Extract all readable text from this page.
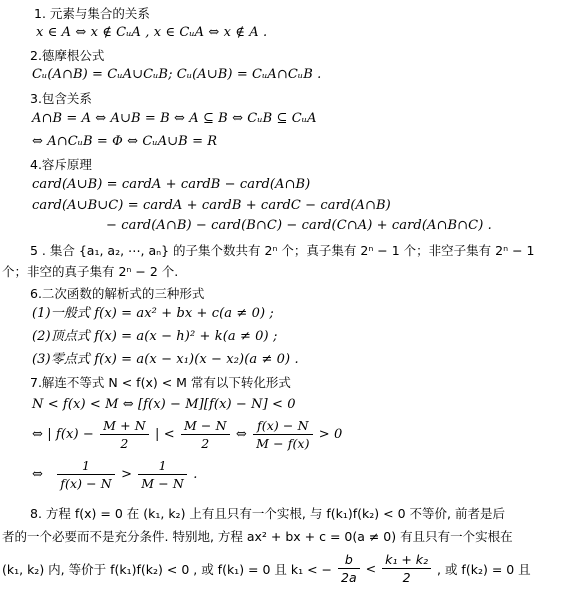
1. 元素与集合的关系
x ∈ A ⇔ x ∉ CᵤA , x ∈ CᵤA ⇔ x ∉ A .
2.德摩根公式
Cᵤ(A∩B) = CᵤA∪CᵤB; Cᵤ(A∪B) = CᵤA∩CᵤB .
3.包含关系
A∩B = A ⇔ A∪B = B ⇔ A ⊆ B ⇔ CᵤB ⊆ CᵤA
⇔ A∩CᵤB = Φ ⇔ CᵤA∪B = R
4.容斥原理
card(A∪B) = cardA + cardB − card(A∩B)
card(A∪B∪C) = cardA + cardB + cardC − card(A∩B)
− card(A∩B) − card(B∩C) − card(C∩A) + card(A∩B∩C) .
5 . 集合 {a₁, a₂, ⋯, aₙ} 的子集个数共有 2ⁿ 个；真子集有 2ⁿ − 1 个；非空子集有 2ⁿ − 1
个；非空的真子集有 2ⁿ − 2 个.
6.二次函数的解析式的三种形式
(1)一般式 f(x) = ax² + bx + c(a ≠ 0) ;
(2)顶点式 f(x) = a(x − h)² + k(a ≠ 0) ;
(3)零点式 f(x) = a(x − x₁)(x − x₂)(a ≠ 0) .
7.解连不等式 N < f(x) < M 常有以下转化形式
N < f(x) < M ⇔ [f(x) − M][f(x) − N] < 0
⇔ | $f(x) - \frac{M + N}{2}$ | < $\frac{M - N}{2}$ ⇔ $\frac{f(x) - N}{M - f(x)} > 0$
⇔ $\frac{1}{f(x) - N} > \frac{1}{M - N}$ .
8. 方程 f(x) = 0 在 (k₁, k₂) 上有且只有一个实根, 与 f(k₁)f(k₂) < 0 不等价, 前者是后
者的一个必要而不是充分条件. 特别地, 方程 ax² + bx + c = 0(a ≠ 0) 有且只有一个实根在
(k₁, k₂) 内, 等价于 f(k₁)f(k₂) < 0 , 或 f(k₁) = 0 且 k₁ < − $\frac{b}{2a} < \frac{\text{k₁ + k₂}}{2}$ , 或 f(k₂) = 0 且
